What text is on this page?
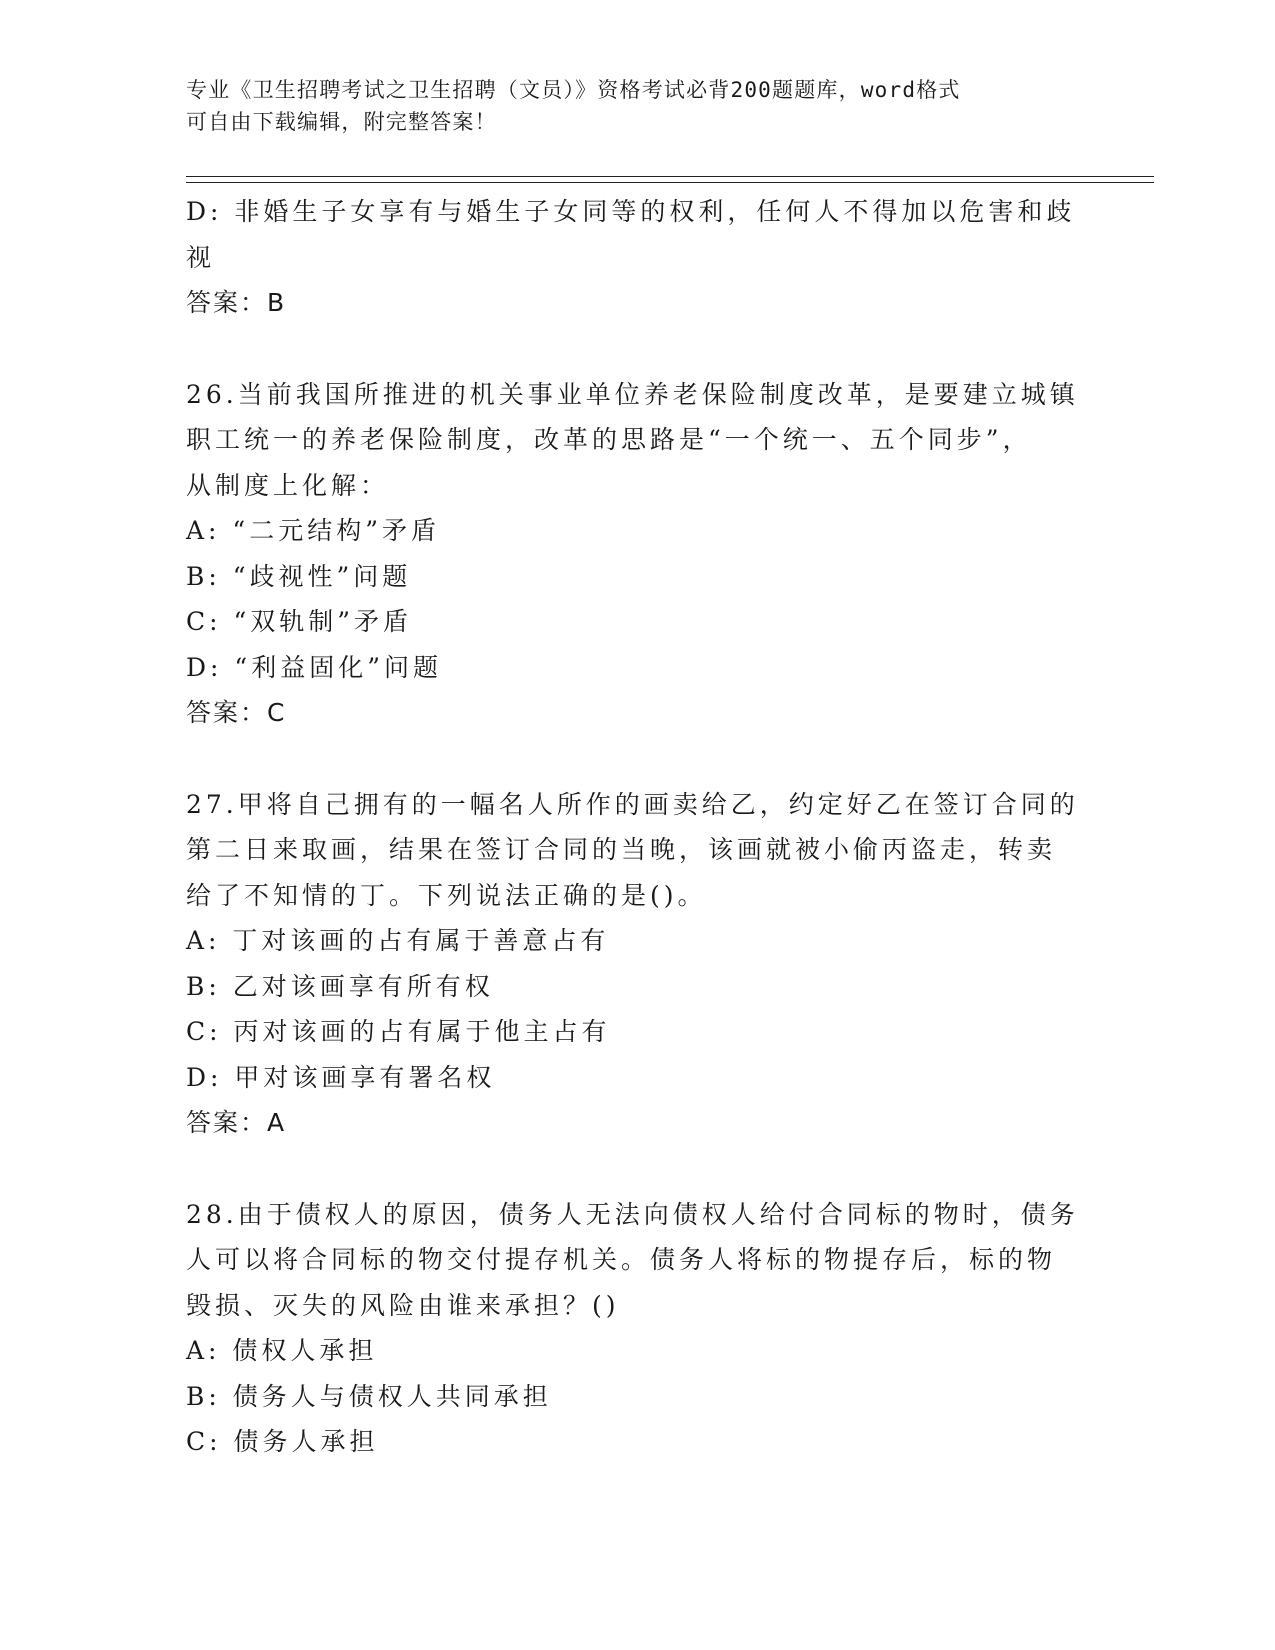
专业《卫生招聘考试之卫生招聘（文员）》资格考试必背200题题库，word格式
可自由下载编辑，附完整答案！
D: 非婚生子女享有与婚生子女同等的权利，任何人不得加以危害和歧
视
答案：B
26.当前我国所推进的机关事业单位养老保险制度改革，是要建立城镇
职工统一的养老保险制度，改革的思路是“一个统一、五个同步”，
从制度上化解：
A: “二元结构”矛盾
B: “歧视性”问题
C: “双轨制”矛盾
D: “利益固化”问题
答案：C
27.甲将自己拥有的一幅名人所作的画卖给乙，约定好乙在签订合同的
第二日来取画，结果在签订合同的当晚，该画就被小偷丙盗走，转卖
给了不知情的丁。下列说法正确的是()。
A: 丁对该画的占有属于善意占有
B: 乙对该画享有所有权
C: 丙对该画的占有属于他主占有
D: 甲对该画享有署名权
答案：A
28.由于债权人的原因，债务人无法向债权人给付合同标的物时，债务
人可以将合同标的物交付提存机关。债务人将标的物提存后，标的物
毁损、灭失的风险由谁来承担？()
A: 债权人承担
B: 债务人与债权人共同承担
C: 债务人承担
